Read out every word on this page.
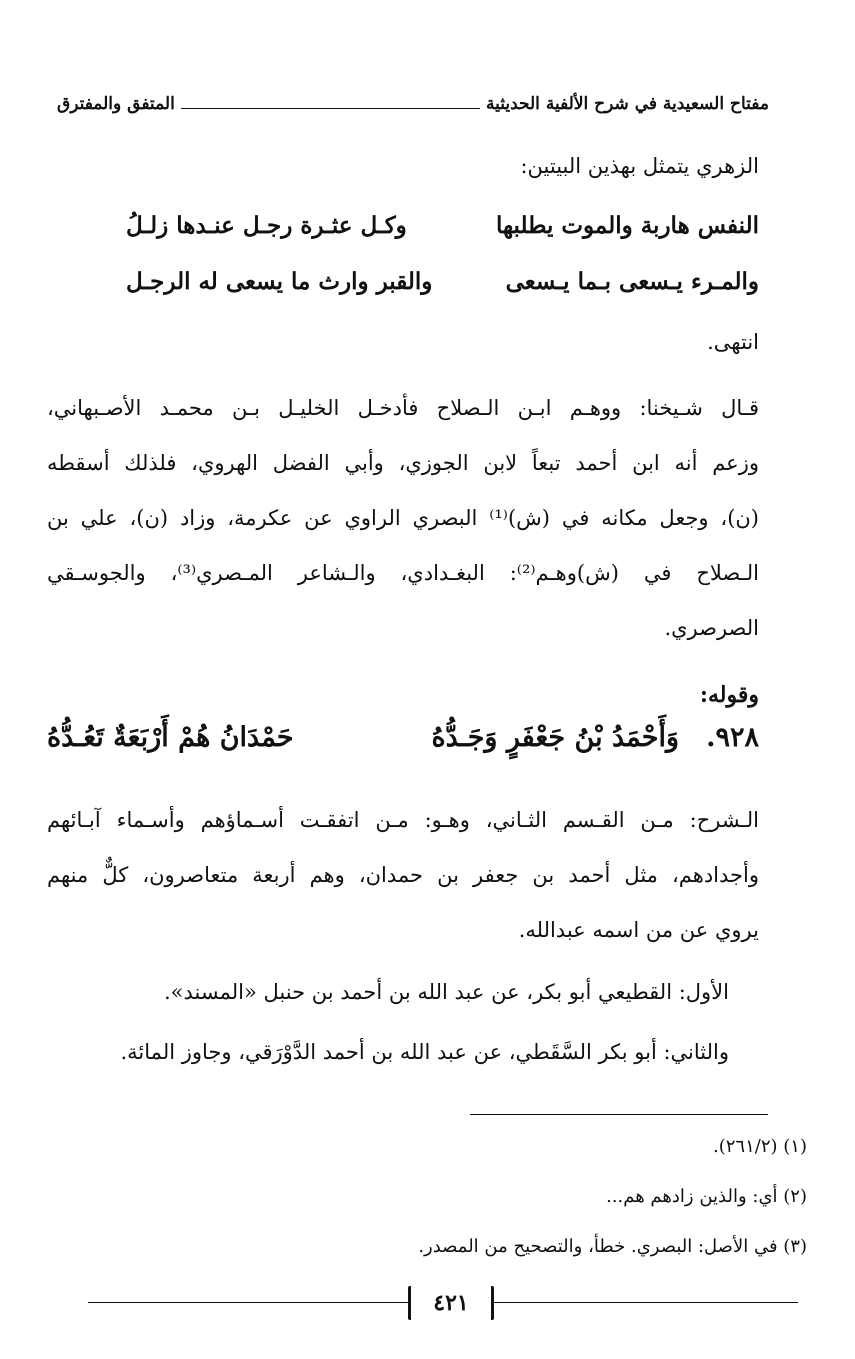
مفتاح السعيدية في شرح الألفية الحديثية
المتفق والمفترق
الزهري يتمثل بهذين البيتين:
النفس هاربة والموت يطلبها
وكـل عثـرة رجـل عنـدها زلـلُ
والمـرء يـسعى بـما يـسعى
والقبر وارث ما يسعى له الرجـل
انتهى.
قـال شـيخنا: ووهـم ابـن الـصلاح فأدخـل الخليـل بـن محمـد الأصـبهاني،
وزعم أنه ابن أحمد تبعاً لابن الجوزي، وأبي الفضل الهروي، فلذلك أسقطه
(ن)، وجعل مكانه في (ش)⁽¹⁾ البصري الراوي عن عكرمة، وزاد (ن)، علي بن
الـصلاح في (ش)وهـم⁽²⁾: البغـدادي، والـشاعر المـصري⁽³⁾، والجوسـقي
الصرصري.
وقوله:
٩٢٨.
وَأَحْمَدُ بْنُ جَعْفَرٍ وَجَـدُّهُ
حَمْدَانُ هُمْ أَرْبَعَةٌ تَعُـدُّهُ
الـشرح: مـن القـسم الثـاني، وهـو: مـن اتفقـت أسـماؤهم وأسـماء آبـائهم
وأجدادهم، مثل أحمد بن جعفر بن حمدان، وهم أربعة متعاصرون، كلٌّ منهم
يروي عن من اسمه عبدالله.
الأول: القطيعي أبو بكر، عن عبد الله بن أحمد بن حنبل «المسند».
والثاني: أبو بكر السَّقَطي، عن عبد الله بن أحمد الدَّوْرَقي، وجاوز المائة.
(١) (٢٦١/٢).
(٢) أي: والذين زادهم هم...
(٣) في الأصل: البصري. خطأ، والتصحيح من المصدر.
٤٢١
